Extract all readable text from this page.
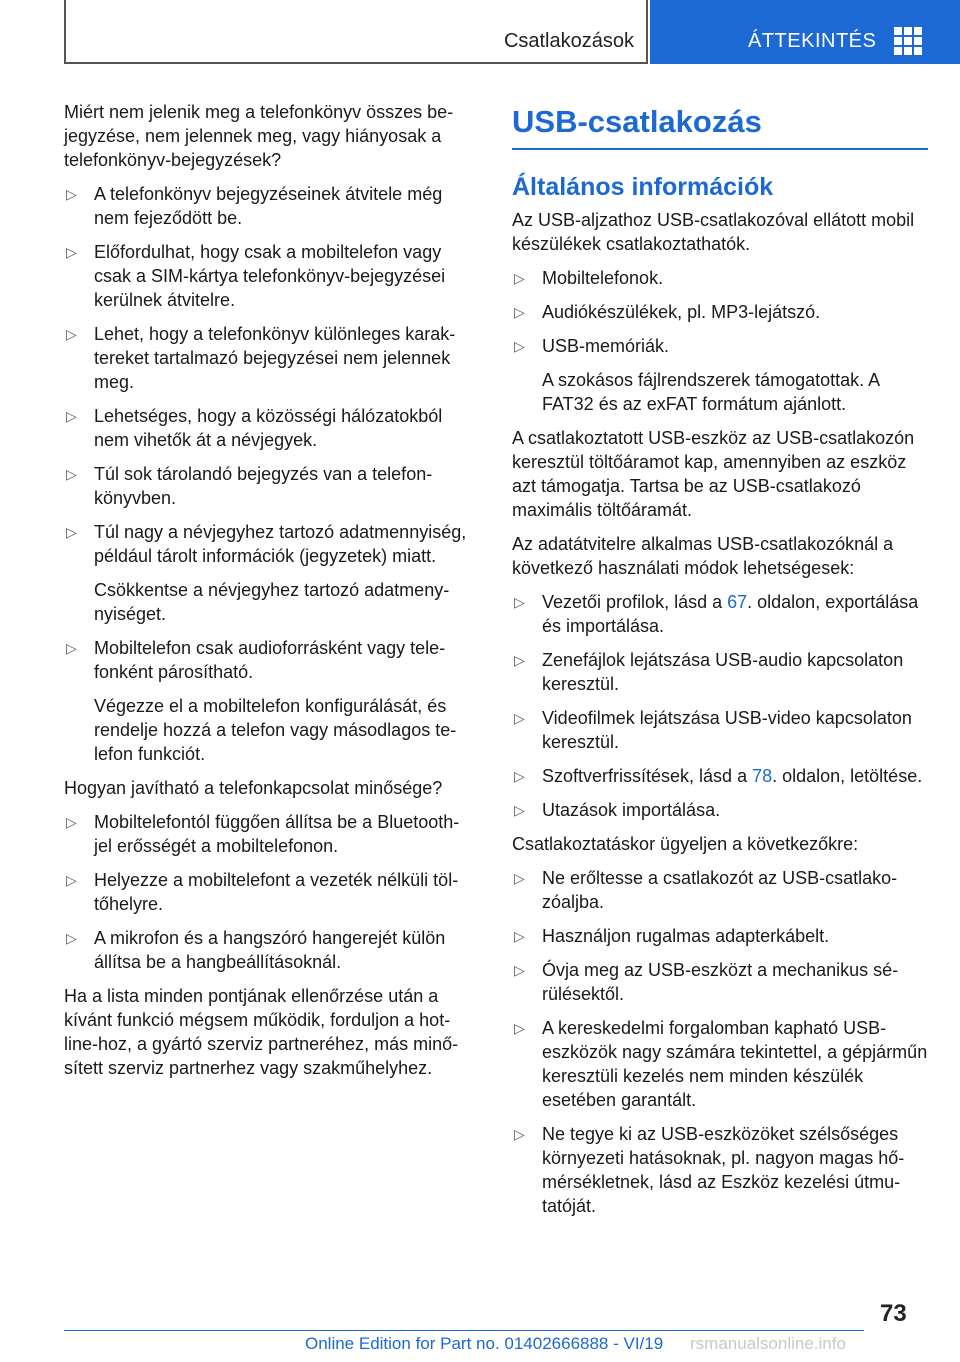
Csatlakozások	ÁTTEKINTÉS

Miért nem jelenik meg a telefonkönyv összes bejegyzése, nem jelennek meg, vagy hiányosak a telefonkönyv-bejegyzések?

▷ A telefonkönyv bejegyzéseinek átvitele még nem fejeződött be.
▷ Előfordulhat, hogy csak a mobiltelefon vagy csak a SIM-kártya telefonkönyv-bejegyzései kerülnek átvitelre.
▷ Lehet, hogy a telefonkönyv különleges karaktereket tartalmazó bejegyzései nem jelennek meg.
▷ Lehetséges, hogy a közösségi hálózatokból nem vihetők át a névjegyek.
▷ Túl sok tárolandó bejegyzés van a telefonkönyvben.
▷ Túl nagy a névjegyhez tartozó adatmennyiség, például tárolt információk (jegyzetek) miatt.

Csökkentse a névjegyhez tartozó adatmenynyiséget.

▷ Mobiltelefon csak audioforrásként vagy telefonként párosítható.

Végezze el a mobiltelefon konfigurálását, és rendelje hozzá a telefon vagy másodlagos telefon funkciót.

Hogyan javítható a telefonkapcsolat minősége?

▷ Mobiltelefontól függően állítsa be a Bluetooth-jel erősségét a mobiltelefonon.
▷ Helyezze a mobiltelefont a vezeték nélküli töltőhelyre.
▷ A mikrofon és a hangszóró hangerejét külön állítsa be a hangbeállításoknál.

Ha a lista minden pontjának ellenőrzése után a kívánt funkció mégsem működik, forduljon a hotline-hoz, a gyártó szerviz partneréhez, más minősített szerviz partnerhez vagy szakműhelyhez.

USB-csatlakozás
Általános információk

Az USB-aljzathoz USB-csatlakozóval ellátott mobil készülékek csatlakoztathatók.

▷ Mobiltelefonok.
▷ Audiókészülékek, pl. MP3-lejátszó.
▷ USB-memóriák.

A szokásos fájlrendszerek támogatottak. A FAT32 és az exFAT formátum ajánlott.

A csatlakoztatott USB-eszköz az USB-csatlakozón keresztül töltőáramot kap, amennyiben az eszköz azt támogatja. Tartsa be az USB-csatlakozó maximális töltőáramát.

Az adatátvitelre alkalmas USB-csatlakozóknál a következő használati módok lehetségesek:

▷ Vezetői profilok, lásd a 67. oldalon, exportálása és importálása.
▷ Zenefájlok lejátszása USB-audio kapcsolaton keresztül.
▷ Videofilmek lejátszása USB-video kapcsolaton keresztül.
▷ Szoftverfrissítések, lásd a 78. oldalon, letöltése.
▷ Utazások importálása.

Csatlakoztatáskor ügyeljen a következőkre:

▷ Ne erőltesse a csatlakozót az USB-csatlakozóaljba.
▷ Használjon rugalmas adapterkábelt.
▷ Óvja meg az USB-eszközt a mechanikus sérülésektől.
▷ A kereskedelmi forgalomban kapható USB-eszközök nagy számára tekintettel, a gépjárműn keresztüli kezelés nem minden készülék esetében garantált.
▷ Ne tegye ki az USB-eszközöket szélsőséges környezeti hatásoknak, pl. nagyon magas hőmérsékletnek, lásd az Eszköz kezelési útmutatóját.
73
Online Edition for Part no. 01402666888 - VI/19 rsmanualsonline.info
